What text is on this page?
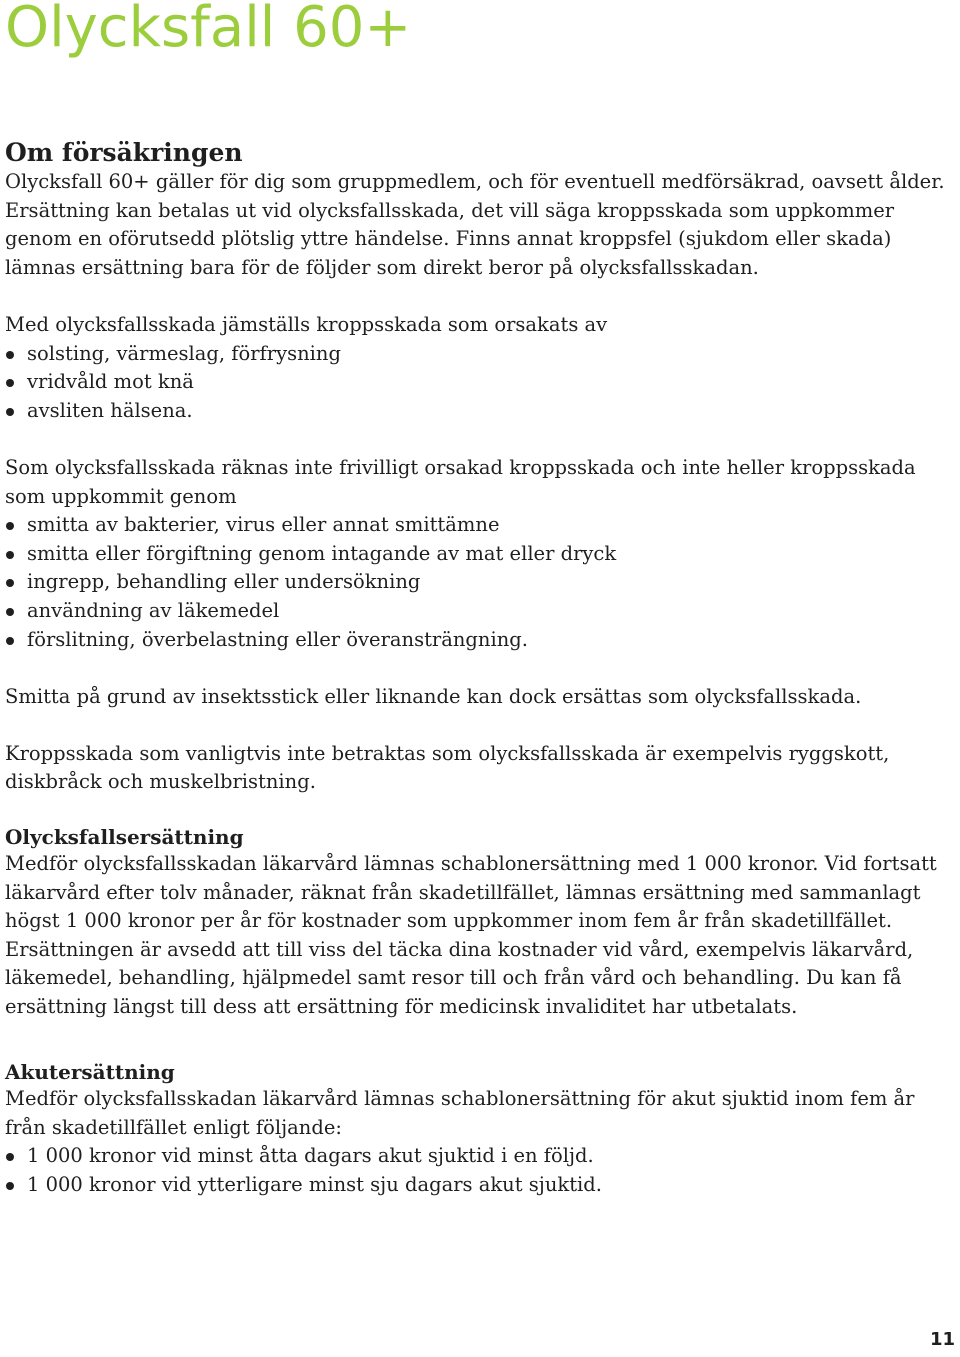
Olycksfall 60+
Om försäkringen

Olycksfall 60+ gäller för dig som gruppmedlem, och för eventuell medförsäkrad, oavsett ålder. Ersättning kan betalas ut vid olycksfallsskada, det vill säga kroppsskada som uppkommer genom en oförutsedd plötslig yttre händelse. Finns annat kroppsfel (sjukdom eller skada) lämnas ersättning bara för de följder som direkt beror på olycksfallsskadan.

Med olycksfallsskada jämställs kroppsskada som orsakats av

solsting, värmeslag, förfrysning
vridvåld mot knä
avsliten hälsena.

Som olycksfallsskada räknas inte frivilligt orsakad kroppsskada och inte heller kroppsskada som uppkommit genom

smitta av bakterier, virus eller annat smittämne
smitta eller förgiftning genom intagande av mat eller dryck
ingrepp, behandling eller undersökning
användning av läkemedel
förslitning, överbelastning eller överansträngning.

Smitta på grund av insektsstick eller liknande kan dock ersättas som olycksfallsskada.

Kroppsskada som vanligtvis inte betraktas som olycksfallsskada är exempelvis ryggskott, diskbråck och muskelbristning.

Olycksfallsersättning

Medför olycksfallsskadan läkarvård lämnas schablonersättning med 1 000 kronor. Vid fortsatt läkarvård efter tolv månader, räknat från skadetillfället, lämnas ersättning med sammanlagt högst 1 000 kronor per år för kostnader som uppkommer inom fem år från skadetillfället. Ersättningen är avsedd att till viss del täcka dina kostnader vid vård, exempelvis läkarvård, läkemedel, behandling, hjälpmedel samt resor till och från vård och behandling. Du kan få ersättning längst till dess att ersättning för medicinsk invaliditet har utbetalats.

Akutersättning

Medför olycksfallsskadan läkarvård lämnas schablonersättning för akut sjuktid inom fem år från skadetillfället enligt följande:

1 000 kronor vid minst åtta dagars akut sjuktid i en följd.
1 000 kronor vid ytterligare minst sju dagars akut sjuktid.
11
